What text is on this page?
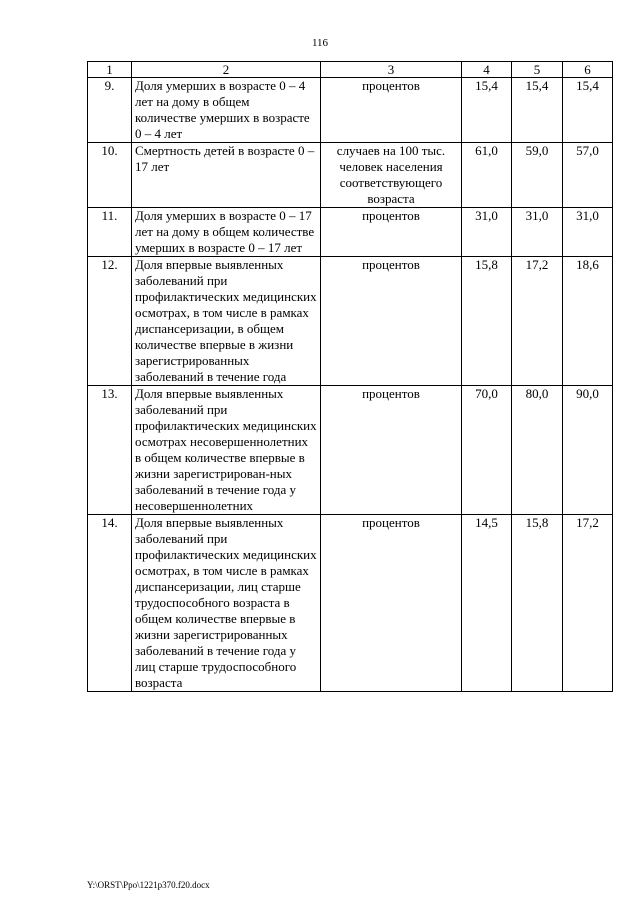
116
1	2	3	4	5	6
9.	Доля умерших в возрасте 0 – 4 лет на дому в общем количестве умерших в возрасте 0 – 4 лет	процентов	15,4	15,4	15,4
10.	Смертность детей в возрасте 0 – 17 лет	случаев на 100 тыс. человек населения соответствующего возраста	61,0	59,0	57,0
11.	Доля умерших в возрасте 0 – 17 лет на дому в общем количестве умерших в возрасте 0 – 17 лет	процентов	31,0	31,0	31,0
12.	Доля впервые выявленных заболеваний при профилактических медицинских осмотрах, в том числе в рамках диспансеризации, в общем количестве впервые в жизни зарегистрированных заболеваний в течение года	процентов	15,8	17,2	18,6
13.	Доля впервые выявленных заболеваний при профилактических медицинских осмотрах несовершеннолетних в общем количестве впервые в жизни зарегистрирован-ных заболеваний в течение года у несовершеннолетних	процентов	70,0	80,0	90,0
14.	Доля впервые выявленных заболеваний при профилактических медицинских осмотрах, в том числе в рамках диспансеризации, лиц старше трудоспособного возраста в общем количестве впервые в жизни зарегистрированных заболеваний в течение года у лиц старше трудоспособного возраста	процентов	14,5	15,8	17,2
Y:\ORST\Ppo\1221p370.f20.docx
